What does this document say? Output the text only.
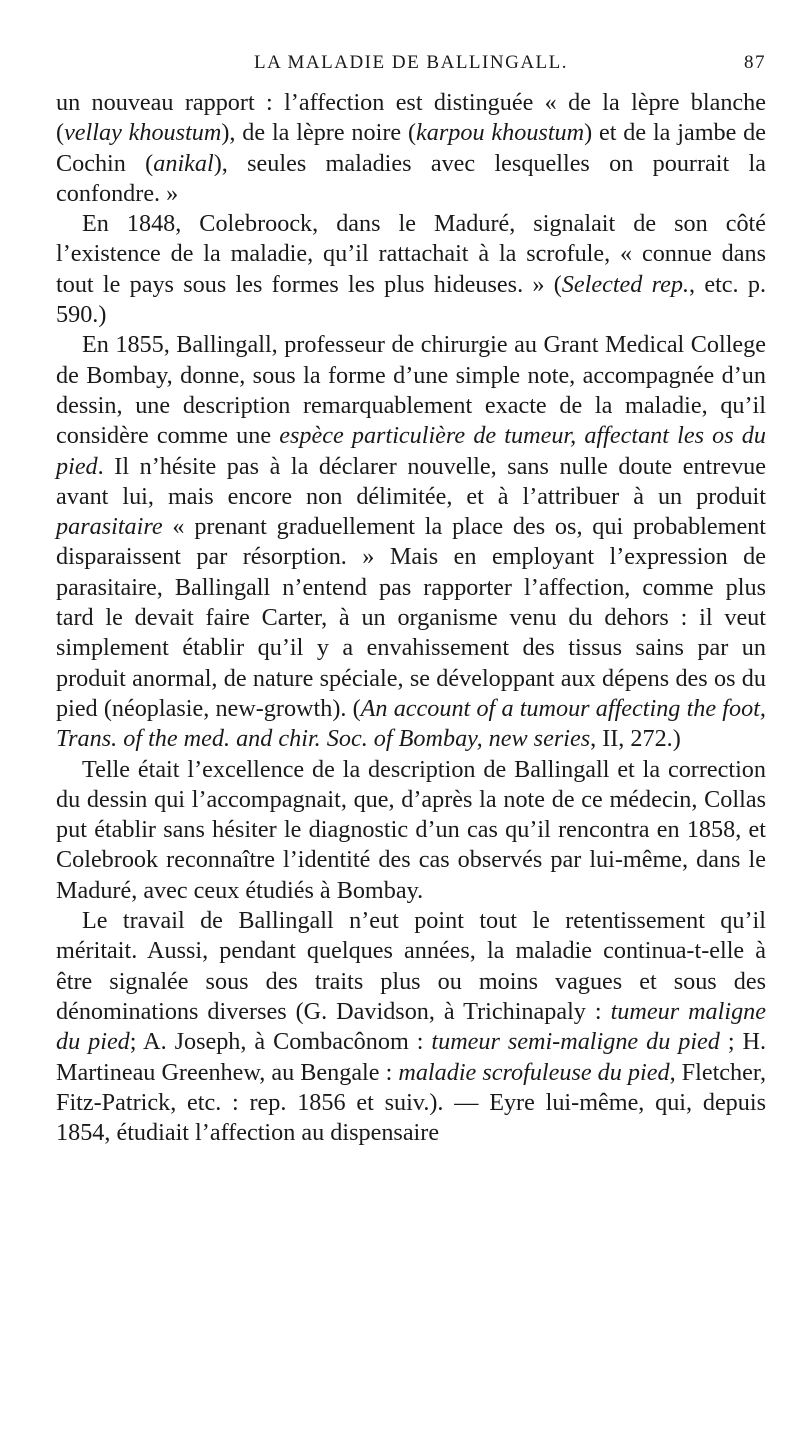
LA MALADIE DE BALLINGALL.	87

un nouveau rapport : l’affection est distinguée « de la lèpre blanche (vellay khoustum), de la lèpre noire (karpou khoustum) et de la jambe de Cochin (anikal), seules maladies avec lesquelles on pourrait la confondre. »

En 1848, Colebroock, dans le Maduré, signalait de son côté l’existence de la maladie, qu’il rattachait à la scrofule, « connue dans tout le pays sous les formes les plus hideuses. » (Selected rep., etc. p. 590.)

En 1855, Ballingall, professeur de chirurgie au Grant Medical College de Bombay, donne, sous la forme d’une simple note, accompagnée d’un dessin, une description remarquablement exacte de la maladie, qu’il considère comme une espèce particulière de tumeur, affectant les os du pied. Il n’hésite pas à la déclarer nouvelle, sans nulle doute entrevue avant lui, mais encore non délimitée, et à l’attribuer à un produit parasitaire « prenant graduellement la place des os, qui probablement disparaissent par résorption. » Mais en employant l’expression de parasitaire, Ballingall n’entend pas rapporter l’affection, comme plus tard le devait faire Carter, à un organisme venu du dehors : il veut simplement établir qu’il y a envahissement des tissus sains par un produit anormal, de nature spéciale, se développant aux dépens des os du pied (néoplasie, new-growth). (An account of a tumour affecting the foot, Trans. of the med. and chir. Soc. of Bombay, new series, II, 272.)

Telle était l’excellence de la description de Ballingall et la correction du dessin qui l’accompagnait, que, d’après la note de ce médecin, Collas put établir sans hésiter le diagnostic d’un cas qu’il rencontra en 1858, et Colebrook reconnaître l’identité des cas observés par lui-même, dans le Maduré, avec ceux étudiés à Bombay.

Le travail de Ballingall n’eut point tout le retentissement qu’il méritait. Aussi, pendant quelques années, la maladie continua-t-elle à être signalée sous des traits plus ou moins vagues et sous des dénominations diverses (G. Davidson, à Trichinapaly : tumeur maligne du pied; A. Joseph, à Combacônom : tumeur semi-maligne du pied ; H. Martineau Greenhew, au Bengale : maladie scrofuleuse du pied, Fletcher, Fitz-Patrick, etc. : rep. 1856 et suiv.). — Eyre lui-même, qui, depuis 1854, étudiait l’affection au dispensaire
